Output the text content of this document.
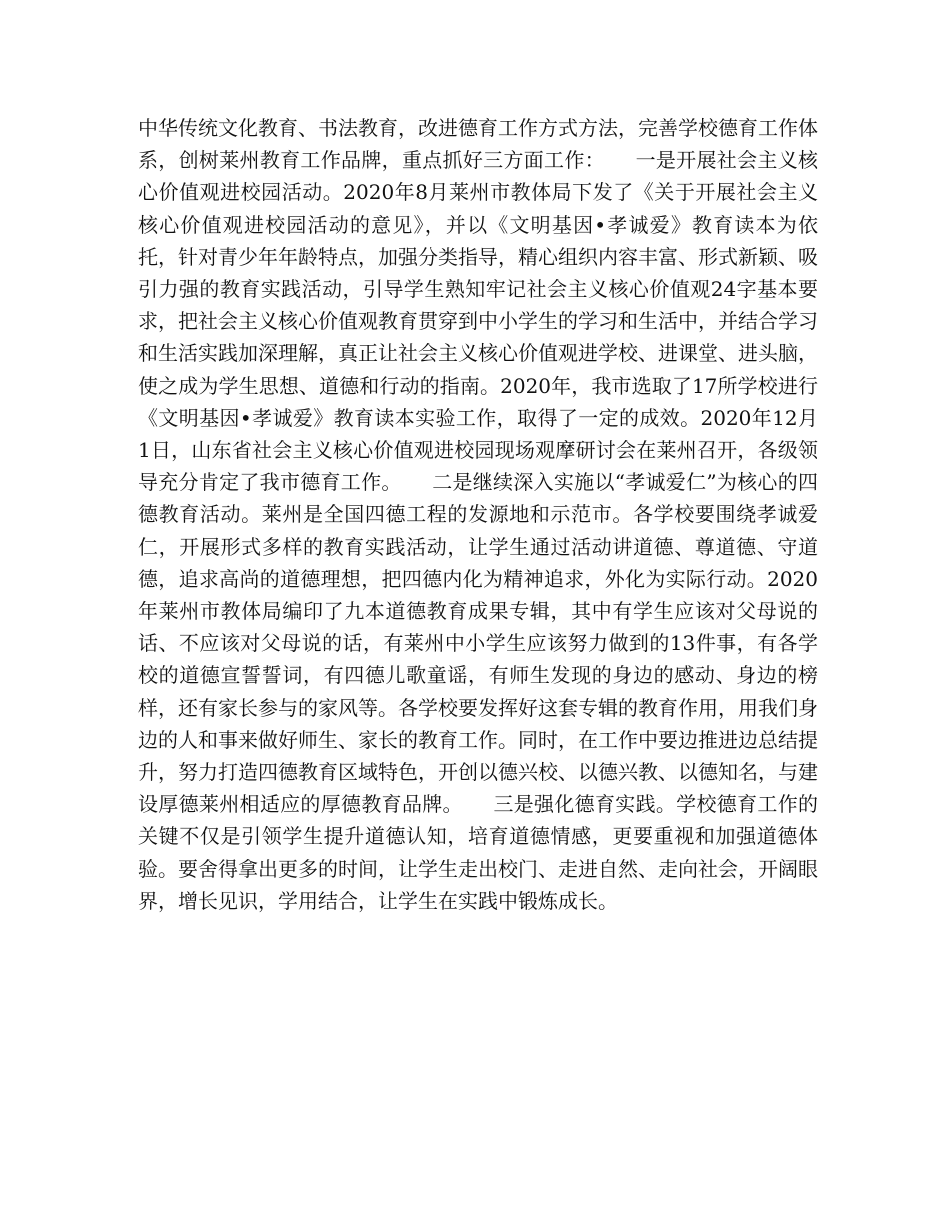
中华传统文化教育、书法教育，改进德育工作方式方法，完善学校德育工作体系，创树莱州教育工作品牌，重点抓好三方面工作：　　一是开展社会主义核心价值观进校园活动。2020年8月莱州市教体局下发了《关于开展社会主义核心价值观进校园活动的意见》，并以《文明基因•孝诚爱》教育读本为依托，针对青少年年龄特点，加强分类指导，精心组织内容丰富、形式新颖、吸引力强的教育实践活动，引导学生熟知牢记社会主义核心价值观24字基本要求，把社会主义核心价值观教育贯穿到中小学生的学习和生活中，并结合学习和生活实践加深理解，真正让社会主义核心价值观进学校、进课堂、进头脑，使之成为学生思想、道德和行动的指南。2020年，我市选取了17所学校进行《文明基因•孝诚爱》教育读本实验工作，取得了一定的成效。2020年12月1日，山东省社会主义核心价值观进校园现场观摩研讨会在莱州召开，各级领导充分肯定了我市德育工作。　　二是继续深入实施以“孝诚爱仁”为核心的四德教育活动。莱州是全国四德工程的发源地和示范市。各学校要围绕孝诚爱仁，开展形式多样的教育实践活动，让学生通过活动讲道德、尊道德、守道德，追求高尚的道德理想，把四德内化为精神追求，外化为实际行动。2020年莱州市教体局编印了九本道德教育成果专辑，其中有学生应该对父母说的话、不应该对父母说的话，有莱州中小学生应该努力做到的13件事，有各学校的道德宣誓誓词，有四德儿歌童谣，有师生发现的身边的感动、身边的榜样，还有家长参与的家风等。各学校要发挥好这套专辑的教育作用，用我们身边的人和事来做好师生、家长的教育工作。同时，在工作中要边推进边总结提升，努力打造四德教育区域特色，开创以德兴校、以德兴教、以德知名，与建设厚德莱州相适应的厚德教育品牌。　　三是强化德育实践。学校德育工作的关键不仅是引领学生提升道德认知，培育道德情感，更要重视和加强道德体验。要舍得拿出更多的时间，让学生走出校门、走进自然、走向社会，开阔眼界，增长见识，学用结合，让学生在实践中锻炼成长。
